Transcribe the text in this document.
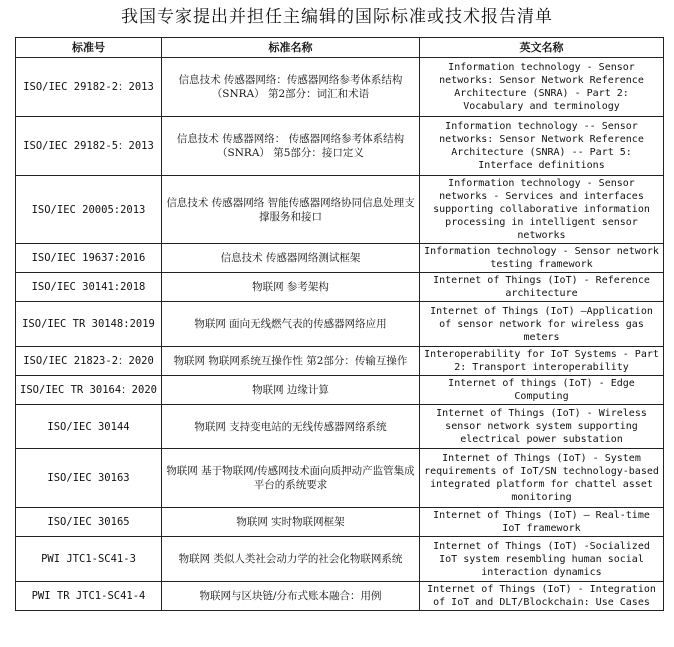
我国专家提出并担任主编辑的国际标准或技术报告清单
标准号	标准名称	英文名称
ISO/IEC 29182-2：2013	信息技术 传感器网络：传感器网络参考体系结构（SNRA） 第2部分：词汇和术语	Information technology - Sensor networks: Sensor Network Reference Architecture (SNRA) - Part 2: Vocabulary and terminology
ISO/IEC 29182-5：2013	信息技术 传感器网络： 传感器网络参考体系结构（SNRA） 第5部分：接口定义	Information technology -- Sensor networks: Sensor Network Reference Architecture (SNRA) -- Part 5: Interface definitions
ISO/IEC 20005:2013	信息技术 传感器网络 智能传感器网络协同信息处理支撑服务和接口	Information technology - Sensor networks - Services and interfaces supporting collaborative information processing in intelligent sensor networks
ISO/IEC 19637:2016	信息技术 传感器网络测试框架	Information technology - Sensor network testing framework
ISO/IEC 30141:2018	物联网 参考架构	Internet of Things (IoT) - Reference architecture
ISO/IEC TR 30148:2019	物联网 面向无线燃气表的传感器网络应用	Internet of Things (IoT) —Application of sensor network for wireless gas meters
ISO/IEC 21823-2：2020	物联网 物联网系统互操作性 第2部分：传输互操作	Interoperability for IoT Systems - Part 2: Transport interoperability
ISO/IEC TR 30164：2020	物联网 边缘计算	Internet of things (IoT) - Edge Computing
ISO/IEC 30144	物联网 支持变电站的无线传感器网络系统	Internet of Things (IoT) - Wireless sensor network system supporting electrical power substation
ISO/IEC 30163	物联网 基于物联网/传感网技术面向质押动产监管集成平台的系统要求	Internet of Things (IoT) - System requirements of IoT/SN technology-based integrated platform for chattel asset monitoring
ISO/IEC 30165	物联网 实时物联网框架	Internet of Things (IoT) — Real-time IoT framework
PWI JTC1-SC41-3	物联网 类似人类社会动力学的社会化物联网系统	Internet of Things (IoT) -Socialized IoT system resembling human social interaction dynamics
PWI TR JTC1-SC41-4	物联网与区块链/分布式账本融合：用例	Internet of Things (IoT) - Integration of IoT and DLT/Blockchain: Use Cases
